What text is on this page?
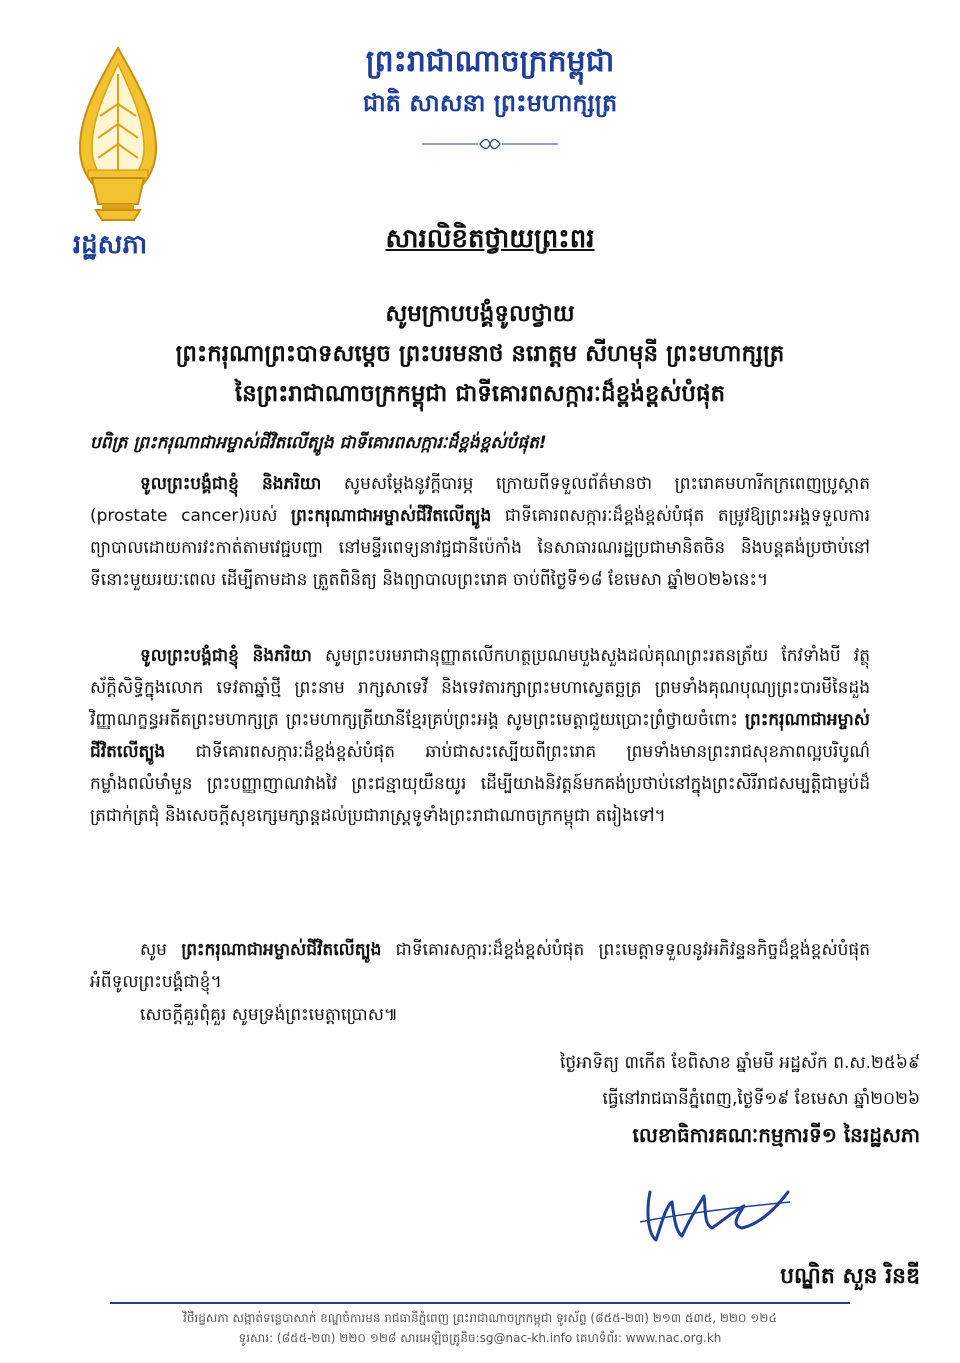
រដ្ឋសភា
ព្រះរាជាណាចក្រកម្ពុជា
ជាតិ សាសនា ព្រះមហាក្សត្រ
សារលិខិតថ្វាយព្រះពរ
សូមក្រាបបង្គំទូលថ្វាយ
ព្រះករុណាព្រះបាទសម្តេច ព្រះបរមនាថ នរោត្តម សីហមុនី ព្រះមហាក្សត្រ
នៃព្រះរាជាណាចក្រកម្ពុជា ជាទីគោរពសក្ការៈដ៏ខ្ពង់ខ្ពស់បំផុត
បពិត្រ ព្រះករុណាជាអម្ចាស់ជីវិតលើត្បូង ជាទីគោរពសក្ការៈដ៏ខ្ពង់ខ្ពស់បំផុត!
ទូលព្រះបង្គំជាខ្ញុំ និងភរិយា សូមសម្តែងនូវក្តីបារម្ភ ក្រោយពីទទួលព័ត៌មានថា ព្រះរោគមហារីកក្រពេញប្រូស្តាត (prostate cancer)របស់ ព្រះករុណាជាអម្ចាស់ជីវិតលើត្បូង ជាទីគោរពសក្ការៈដ៏ខ្ពង់ខ្ពស់បំផុត តម្រូវឱ្យព្រះអង្គទទួលការព្យាបាលដោយការវះកាត់តាមវេជ្ជបញ្ជា នៅមន្ទីរពេទ្យនាវជ្ជជានីប៉េកាំង នៃសាធារណរដ្ឋប្រជាមានិតចិន និងបន្តគង់ប្រថាប់នៅទីនោះមួយរយៈពេល ដើម្បីតាមដាន ត្រួតពិនិត្យ និងព្យាបាលព្រះរោគ ចាប់ពីថ្ងៃទី១៨ ខែមេសា ឆ្នាំ២០២៦នេះ។
ទូលព្រះបង្គំជាខ្ញុំ និងភរិយា សូមព្រះបរមរាជានុញ្ញាតលើកហត្ថប្រណមបួងសួងដល់គុណព្រះរតនត្រ័យ កែវទាំងបី វត្ថុស័ក្តិសិទ្ធិក្នុងលោក ទេវតាឆ្នាំថ្មី ព្រះនាម រាក្សសាទេវី និងទេវតារក្សាព្រះមហាស្វេតច្ឆត្រ ព្រមទាំងគុណបុណ្យព្រះបារមីនៃដួងវិញ្ញាណក្ខន្ធអតីតព្រះមហាក្សត្រ ព្រះមហាក្សត្រីយានីខ្មែរគ្រប់ព្រះអង្គ សូមព្រះមេត្តាជួយប្រោះព្រំថ្វាយចំពោះ ព្រះករុណាជាអម្ចាស់ជីវិតលើត្បូង ជាទីគោរពសក្ការៈដ៏ខ្ពង់ខ្ពស់បំផុត ឆាប់ជាសះស្បើយពីព្រះរោគ ព្រមទាំងមានព្រះរាជសុខភាពល្អបរិបូណ៌ កម្លាំងពលំមាំមួន ព្រះបញ្ញាញាណវាងវៃ ព្រះជន្មាយុយឺនយូរ ដើម្បីយាងនិវត្តន៍មកគង់ប្រថាប់នៅក្នុងព្រះសិរីរាជសម្បត្តិជាម្លប់ដ៏ត្រជាក់ត្រជុំ និងសេចក្តីសុខក្សេមក្សាន្តដល់ប្រជារាស្ត្រទូទាំងព្រះរាជាណាចក្រកម្ពុជា តរៀងទៅ។
សូម ព្រះករុណាជាអម្ចាស់ជីវិតលើត្បូង ជាទីគោរសក្ការៈដ៏ខ្ពង់ខ្ពស់បំផុត ព្រះមេត្តាទទួលនូវអភិវន្ទនកិច្ចដ៏ខ្ពង់ខ្ពស់បំផុត អំពីទូលព្រះបង្គំជាខ្ញុំ។
សេចក្តីគួរពុំគួរ សូមទ្រង់ព្រះមេត្តាប្រោស៕
ថ្ងៃអាទិត្យ ៣កើត ខែពិសាខ ឆ្នាំមមី អដ្ឋស័ក ព.ស.២៥៦៩
ធ្វើនៅរាជធានីភ្នំពេញ,ថ្ងៃទី១៩ ខែមេសា ឆ្នាំ២០២៦
លេខាធិការគណៈកម្មការទី១ នៃរដ្ឋសភា
បណ្ឌិត សួន រិនឌី
វិថីរដ្ឋសភា សង្កាត់ទន្លេបាសាក់ ខណ្ឌចំការមន រាជធានីភ្នំពេញ ព្រះរាជាណាចក្រកម្ពុជា ទូរស័ព្ទ (៨៥៥-២៣) ២១៣ ៥៣៥, ២២០ ១២៤
ទូរសារ: (៨៥៥-២៣) ២២០ ១២៨ សារអេឡិចត្រូនិច:sg@nac-kh.info គេហទំព័រ: www.nac.org.kh
